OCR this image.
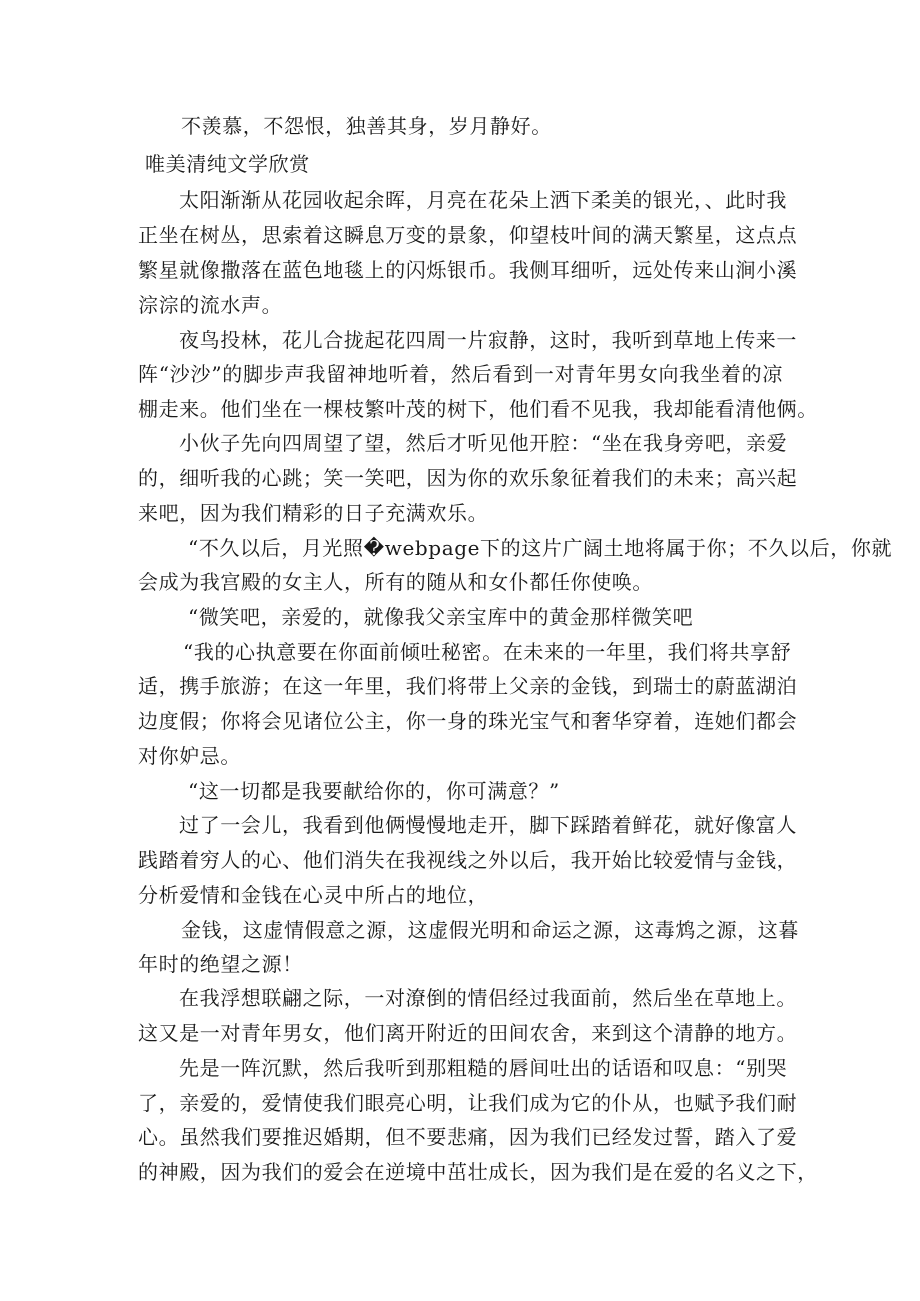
不羡慕，不怨恨，独善其身，岁月静好。
唯美清纯文学欣赏
太阳渐渐从花园收起余晖，月亮在花朵上洒下柔美的银光，、此时我
正坐在树丛，思索着这瞬息万变的景象，仰望枝叶间的满天繁星，这点点
繁星就像撒落在蓝色地毯上的闪烁银币。我侧耳细听，远处传来山涧小溪
淙淙的流水声。
夜鸟投林，花儿合拢起花四周一片寂静，这时，我听到草地上传来一
阵“沙沙”的脚步声我留神地听着，然后看到一对青年男女向我坐着的凉
棚走来。他们坐在一棵枝繁叶茂的树下，他们看不见我，我却能看清他俩。
小伙子先向四周望了望，然后才听见他开腔：“坐在我身旁吧，亲爱
的，细听我的心跳；笑一笑吧，因为你的欢乐象征着我们的未来；高兴起
来吧，因为我们精彩的日子充满欢乐。
“不久以后，月光照�webpage下的这片广阔土地将属于你；不久以后，你就
会成为我宫殿的女主人，所有的随从和女仆都任你使唤。
“微笑吧，亲爱的，就像我父亲宝库中的黄金那样微笑吧
“我的心执意要在你面前倾吐秘密。在未来的一年里，我们将共享舒
适，携手旅游；在这一年里，我们将带上父亲的金钱，到瑞士的蔚蓝湖泊
边度假；你将会见诸位公主，你一身的珠光宝气和奢华穿着，连她们都会
对你妒忌。
“这一切都是我要献给你的，你可满意？”
过了一会儿，我看到他俩慢慢地走开，脚下踩踏着鲜花，就好像富人
践踏着穷人的心、他们消失在我视线之外以后，我开始比较爱情与金钱，
分析爱情和金钱在心灵中所占的地位，
金钱，这虚情假意之源，这虚假光明和命运之源，这毒鸩之源，这暮
年时的绝望之源！
在我浮想联翩之际，一对潦倒的情侣经过我面前，然后坐在草地上。
这又是一对青年男女，他们离开附近的田间农舍，来到这个清静的地方。
先是一阵沉默，然后我听到那粗糙的唇间吐出的话语和叹息：“别哭
了，亲爱的，爱情使我们眼亮心明，让我们成为它的仆从，也赋予我们耐
心。虽然我们要推迟婚期，但不要悲痛，因为我们已经发过誓，踏入了爱
的神殿，因为我们的爱会在逆境中茁壮成长，因为我们是在爱的名义之下，
